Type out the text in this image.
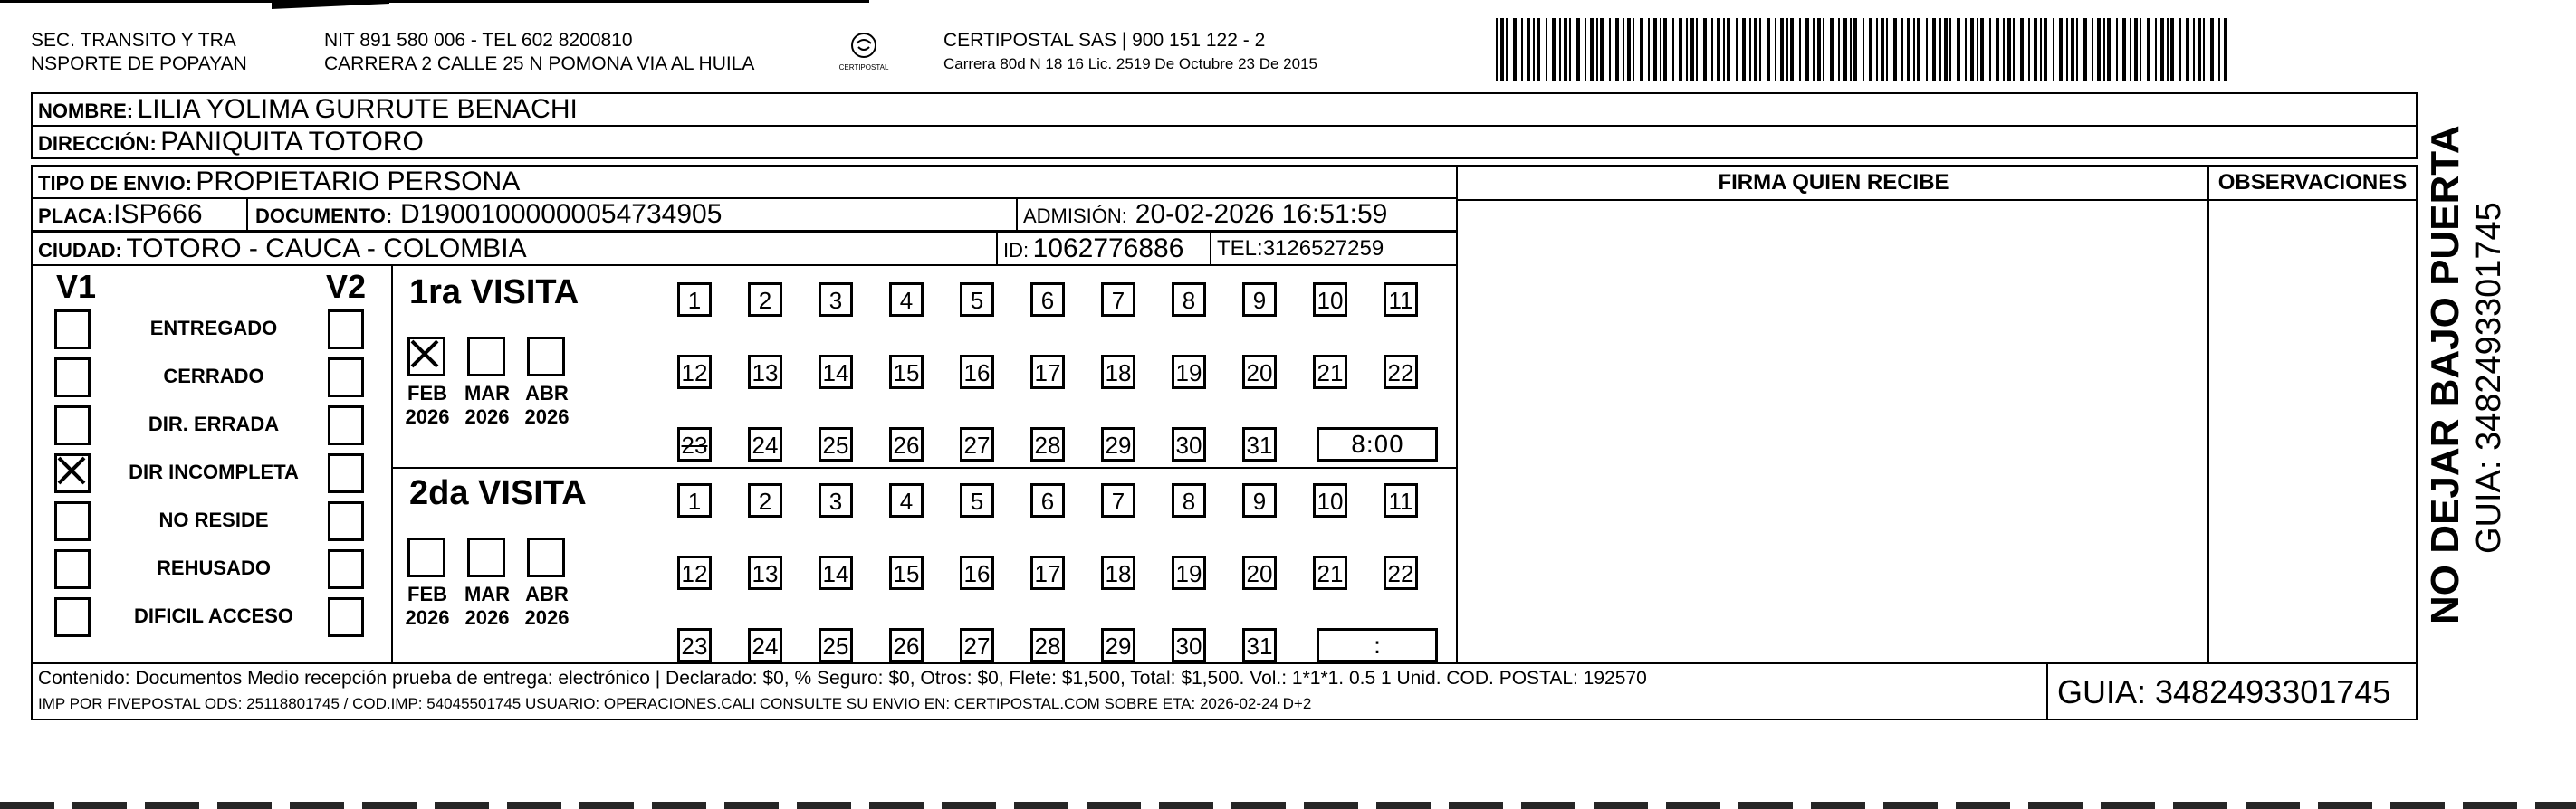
SEC. TRANSITO Y TRA
NSPORTE DE POPAYAN
NIT 891 580 006 - TEL 602 8200810
CARRERA 2 CALLE 25 N POMONA VIA AL HUILA	CERTIPOSTAL
CERTIPOSTAL SAS | 900 151 122 - 2
Carrera 80d N 18 16 Lic. 2519 De Octubre 23 De 2015
NOMBRE: LILIA YOLIMA GURRUTE BENACHI
DIRECCIÓN: PANIQUITA TOTORO
TIPO DE ENVIO: PROPIETARIO PERSONA
PLACA:ISP666	DOCUMENTO: D19001000000054734905	ADMISIÓN: 20-02-2026 16:51:59
CIUDAD: TOTORO - CAUCA - COLOMBIA	ID: 1062776886 TEL:3126527259
FIRMA QUIEN RECIBE	OBSERVACIONES
V1	V2
ENTREGADO
CERRADO
DIR. ERRADA
DIR INCOMPLETA
NO RESIDE
REHUSADO
DIFICIL ACCESO
1ra VISITA
FEB
2026
MAR
2026
ABR
2026
1	2	3	4	5	6	7	8	9	10 11
12 13 14 15 16 17 18 19 20 21 22
23 24 25 26 27 28 29 30 31	8:00
2da VISITA
FEB
2026
MAR
2026
ABR
2026
1	2	3	4	5	6	7	8	9	10 11
12 13 14 15 16 17 18 19 20 21 22
23 24 25 26 27 28 29 30 31	:
Contenido: Documentos Medio recepción prueba de entrega: electrónico | Declarado: $0, % Seguro: $0, Otros: $0, Flete: $1,500, Total: $1,500. Vol.: 1*1*1. 0.5 1 Unid. COD. POSTAL: 192570
IMP POR FIVEPOSTAL ODS: 25118801745 / COD.IMP: 54045501745 USUARIO: OPERACIONES.CALI CONSULTE SU ENVIO EN: CERTIPOSTAL.COM SOBRE ETA: 2026-02-24 D+2	GUIA: 3482493301745
NO DEJAR BAJO PUERTA GUIA: 3482493301745
